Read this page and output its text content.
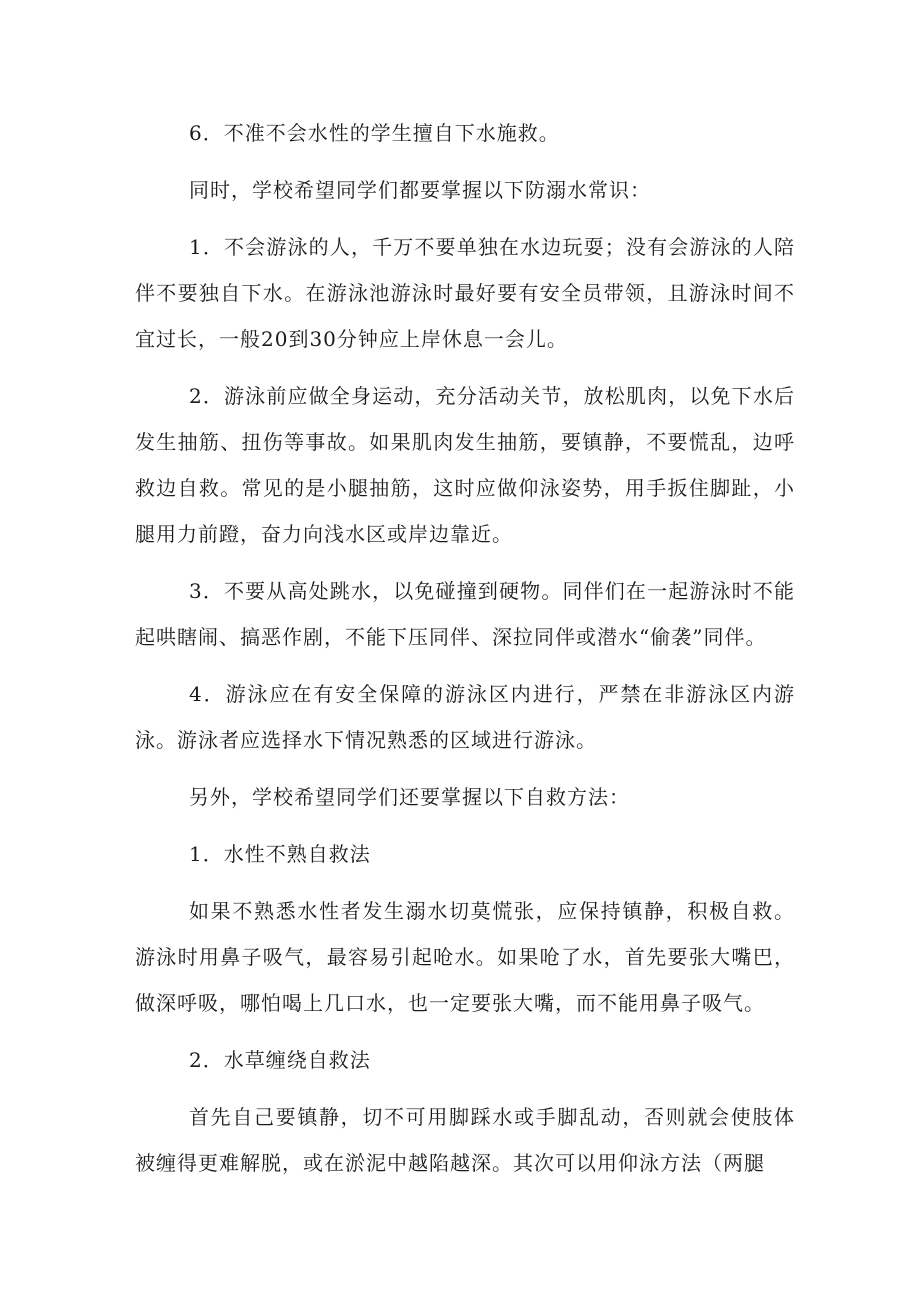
6．不准不会水性的学生擅自下水施救。

同时，学校希望同学们都要掌握以下防溺水常识：

1．不会游泳的人，千万不要单独在水边玩耍；没有会游泳的人陪伴不要独自下水。在游泳池游泳时最好要有安全员带领，且游泳时间不宜过长，一般20到30分钟应上岸休息一会儿。

2．游泳前应做全身运动，充分活动关节，放松肌肉，以免下水后发生抽筋、扭伤等事故。如果肌肉发生抽筋，要镇静，不要慌乱，边呼救边自救。常见的是小腿抽筋，这时应做仰泳姿势，用手扳住脚趾，小腿用力前蹬，奋力向浅水区或岸边靠近。

3．不要从高处跳水，以免碰撞到硬物。同伴们在一起游泳时不能起哄瞎闹、搞恶作剧，不能下压同伴、深拉同伴或潜水“偷袭”同伴。

4．游泳应在有安全保障的游泳区内进行，严禁在非游泳区内游泳。游泳者应选择水下情况熟悉的区域进行游泳。

另外，学校希望同学们还要掌握以下自救方法：

1．水性不熟自救法

如果不熟悉水性者发生溺水切莫慌张，应保持镇静，积极自救。游泳时用鼻子吸气，最容易引起呛水。如果呛了水，首先要张大嘴巴，做深呼吸，哪怕喝上几口水，也一定要张大嘴，而不能用鼻子吸气。

2．水草缠绕自救法

首先自己要镇静，切不可用脚踩水或手脚乱动，否则就会使肢体被缠得更难解脱，或在淤泥中越陷越深。其次可以用仰泳方法（两腿
